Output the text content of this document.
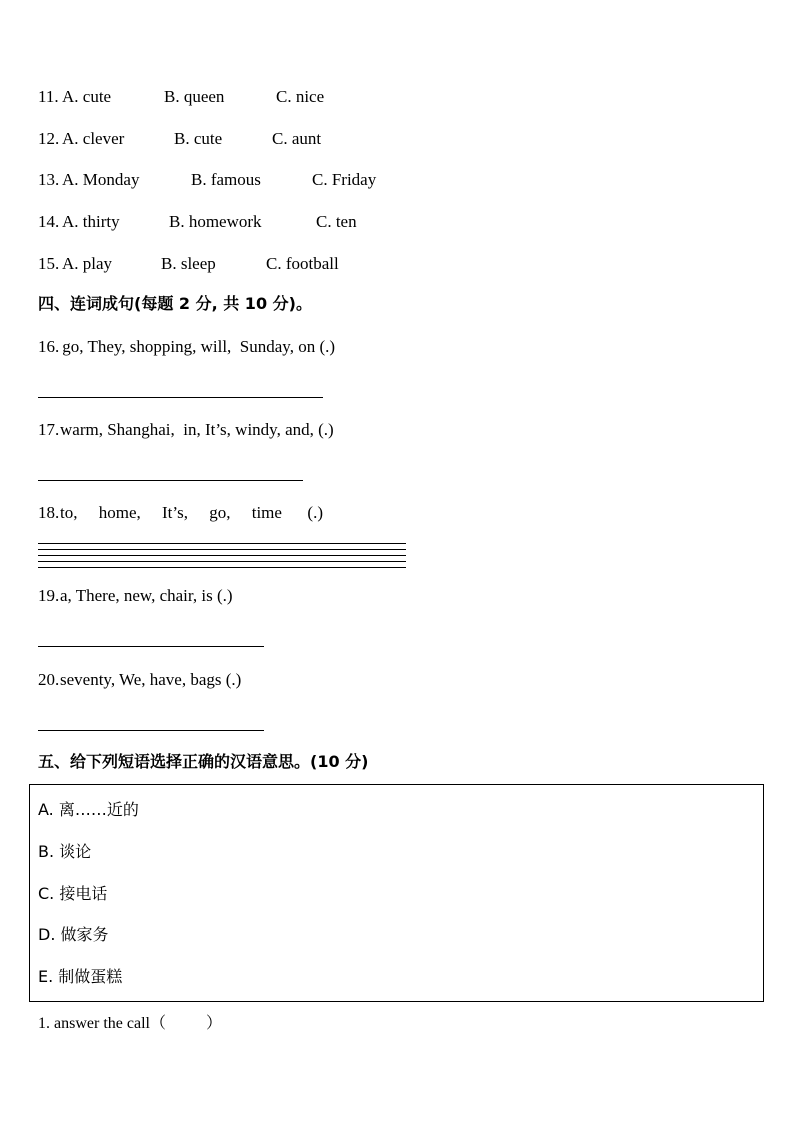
11. A. cute	B. queen	C. nice
12. A. clever	B. cute	C. aunt
13. A. Monday	B. famous	C. Friday
14. A. thirty	B. homework	C. ten
15. A. play	B. sleep	C. football
四、连词成句(每题 2 分, 共 10 分)。
16.
go, They, shopping, will,  Sunday, on (.)
17. warm, Shanghai,  in, It’s, windy, and, (.)
18. to,     home,     It’s,     go,     time      (.)
19. a, There, new, chair, is (.)
20. seventy, We, have, bags (.)
五、给下列短语选择正确的汉语意思。(10 分)
A. 离……近的
B. 谈论
C. 接电话
D. 做家务
E. 制做蛋糕
1. answer the call（          ）
